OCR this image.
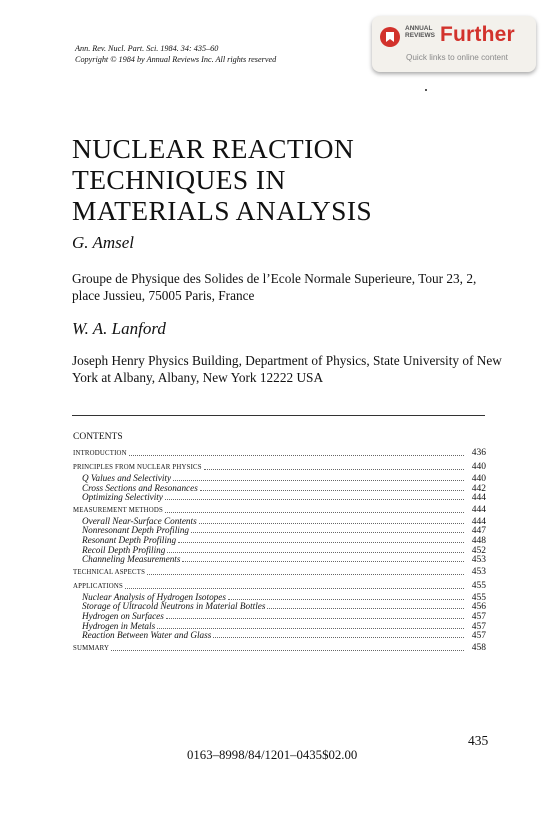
Ann. Rev. Nucl. Part. Sci. 1984. 34: 435–60
Copyright © 1984 by Annual Reviews Inc. All rights reserved
ANNUAL
REVIEWS Further
Quick links to online content
NUCLEAR REACTION
TECHNIQUES IN
MATERIALS ANALYSIS
G. Amsel
Groupe de Physique des Solides de l’Ecole Normale Superieure, Tour 23, 2, place Jussieu, 75005 Paris, France
W. A. Lanford
Joseph Henry Physics Building, Department of Physics, State University of New York at Albany, Albany, New York 12222 USA
CONTENTS
INTRODUCTION	436
PRINCIPLES FROM NUCLEAR PHYSICS	440
Q Values and Selectivity	440
Cross Sections and Resonances	442
Optimizing Selectivity	444
MEASUREMENT METHODS	444
Overall Near-Surface Contents	444
Nonresonant Depth Profiling	447
Resonant Depth Profiling	448
Recoil Depth Profiling	452
Channeling Measurements	453
TECHNICAL ASPECTS	453
APPLICATIONS	455
Nuclear Analysis of Hydrogen Isotopes	455
Storage of Ultracold Neutrons in Material Bottles	456
Hydrogen on Surfaces	457
Hydrogen in Metals	457
Reaction Between Water and Glass	457
SUMMARY	458
435
0163–8998/84/1201–0435$02.00
